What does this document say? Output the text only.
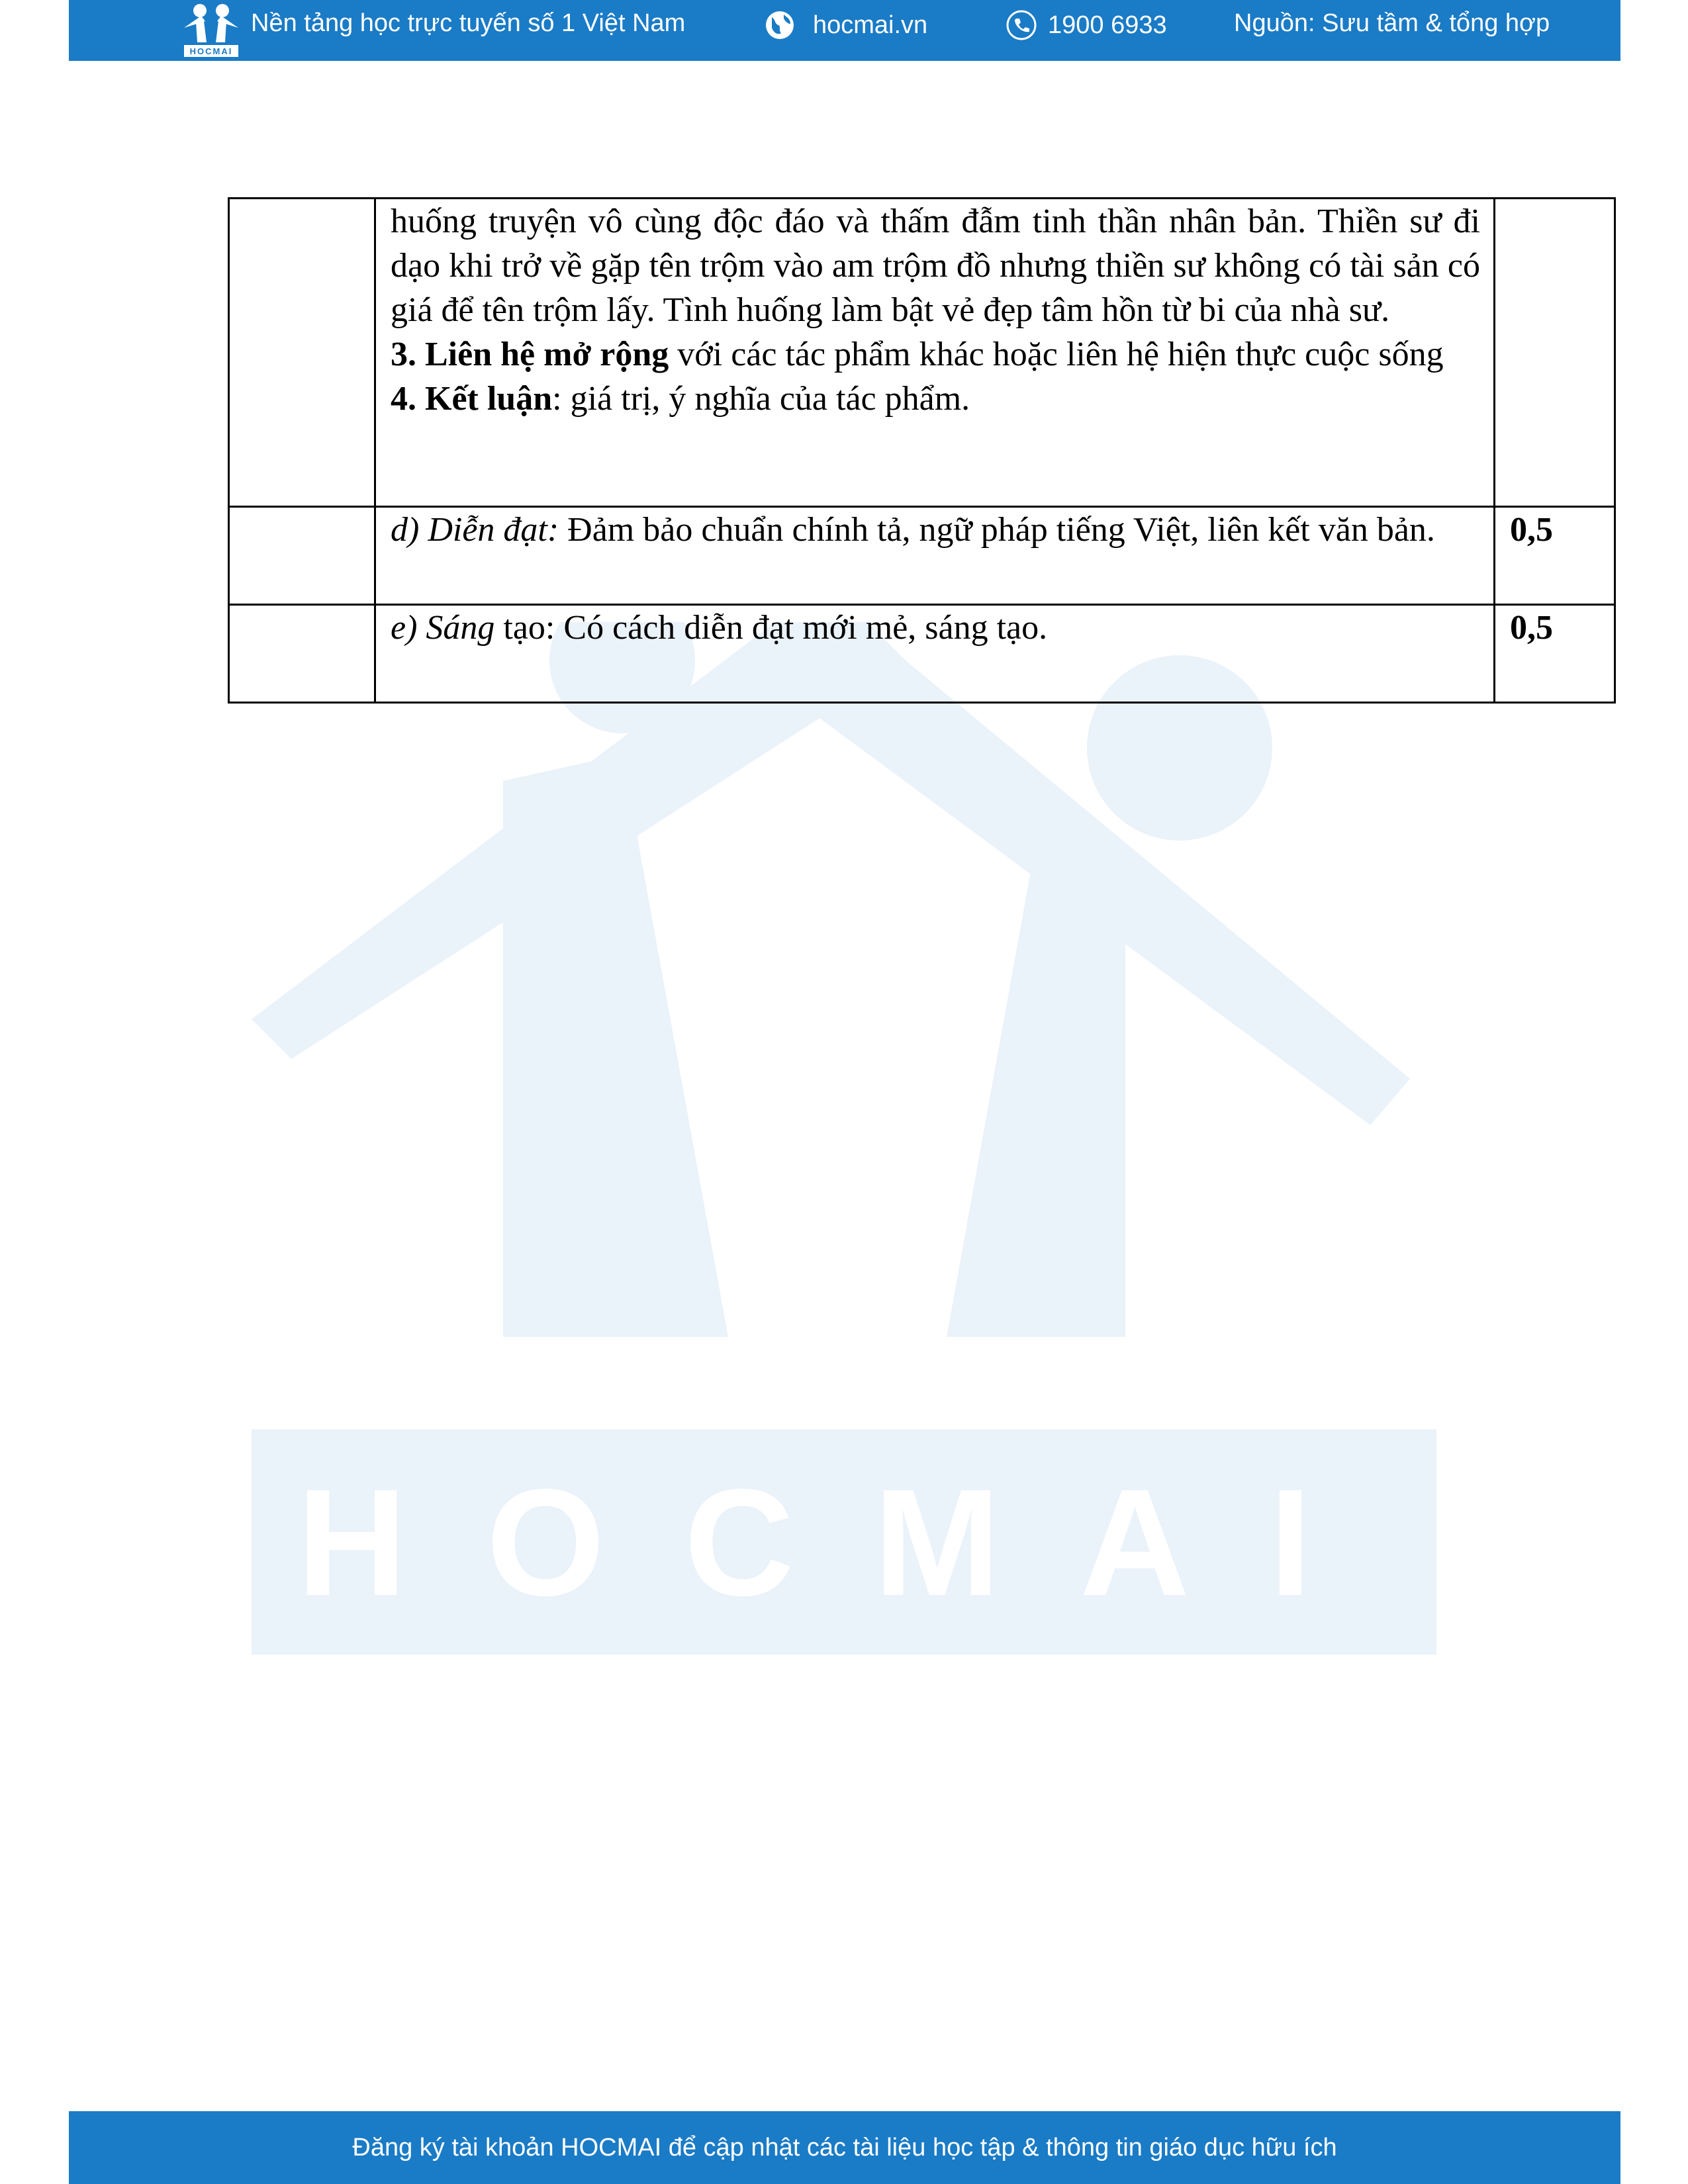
HOCMAI
Nền tảng học trực tuyến số 1 Việt Nam	hocmai.vn	1900 6933	Nguồn: Sưu tầm & tổng hợp
HOCMAI

	huống truyện vô cùng độc đáo và thấm đẫm tinh thần nhân bản. Thiền sư đi dạo khi trở về gặp tên trộm vào am trộm đồ nhưng thiền sư không có tài sản có giá để tên trộm lấy. Tình huống làm bật vẻ đẹp tâm hồn từ bi của nhà sư.
3. Liên hệ mở rộng với các tác phẩm khác hoặc liên hệ hiện thực cuộc sống
4. Kết luận: giá trị, ý nghĩa của tác phẩm.	

	d) Diễn đạt: Đảm bảo chuẩn chính tả, ngữ pháp tiếng Việt, liên kết văn bản.	0,5
	e) Sáng tạo: Có cách diễn đạt mới mẻ, sáng tạo.	0,5
Đăng ký tài khoản HOCMAI để cập nhật các tài liệu học tập & thông tin giáo dục hữu ích
